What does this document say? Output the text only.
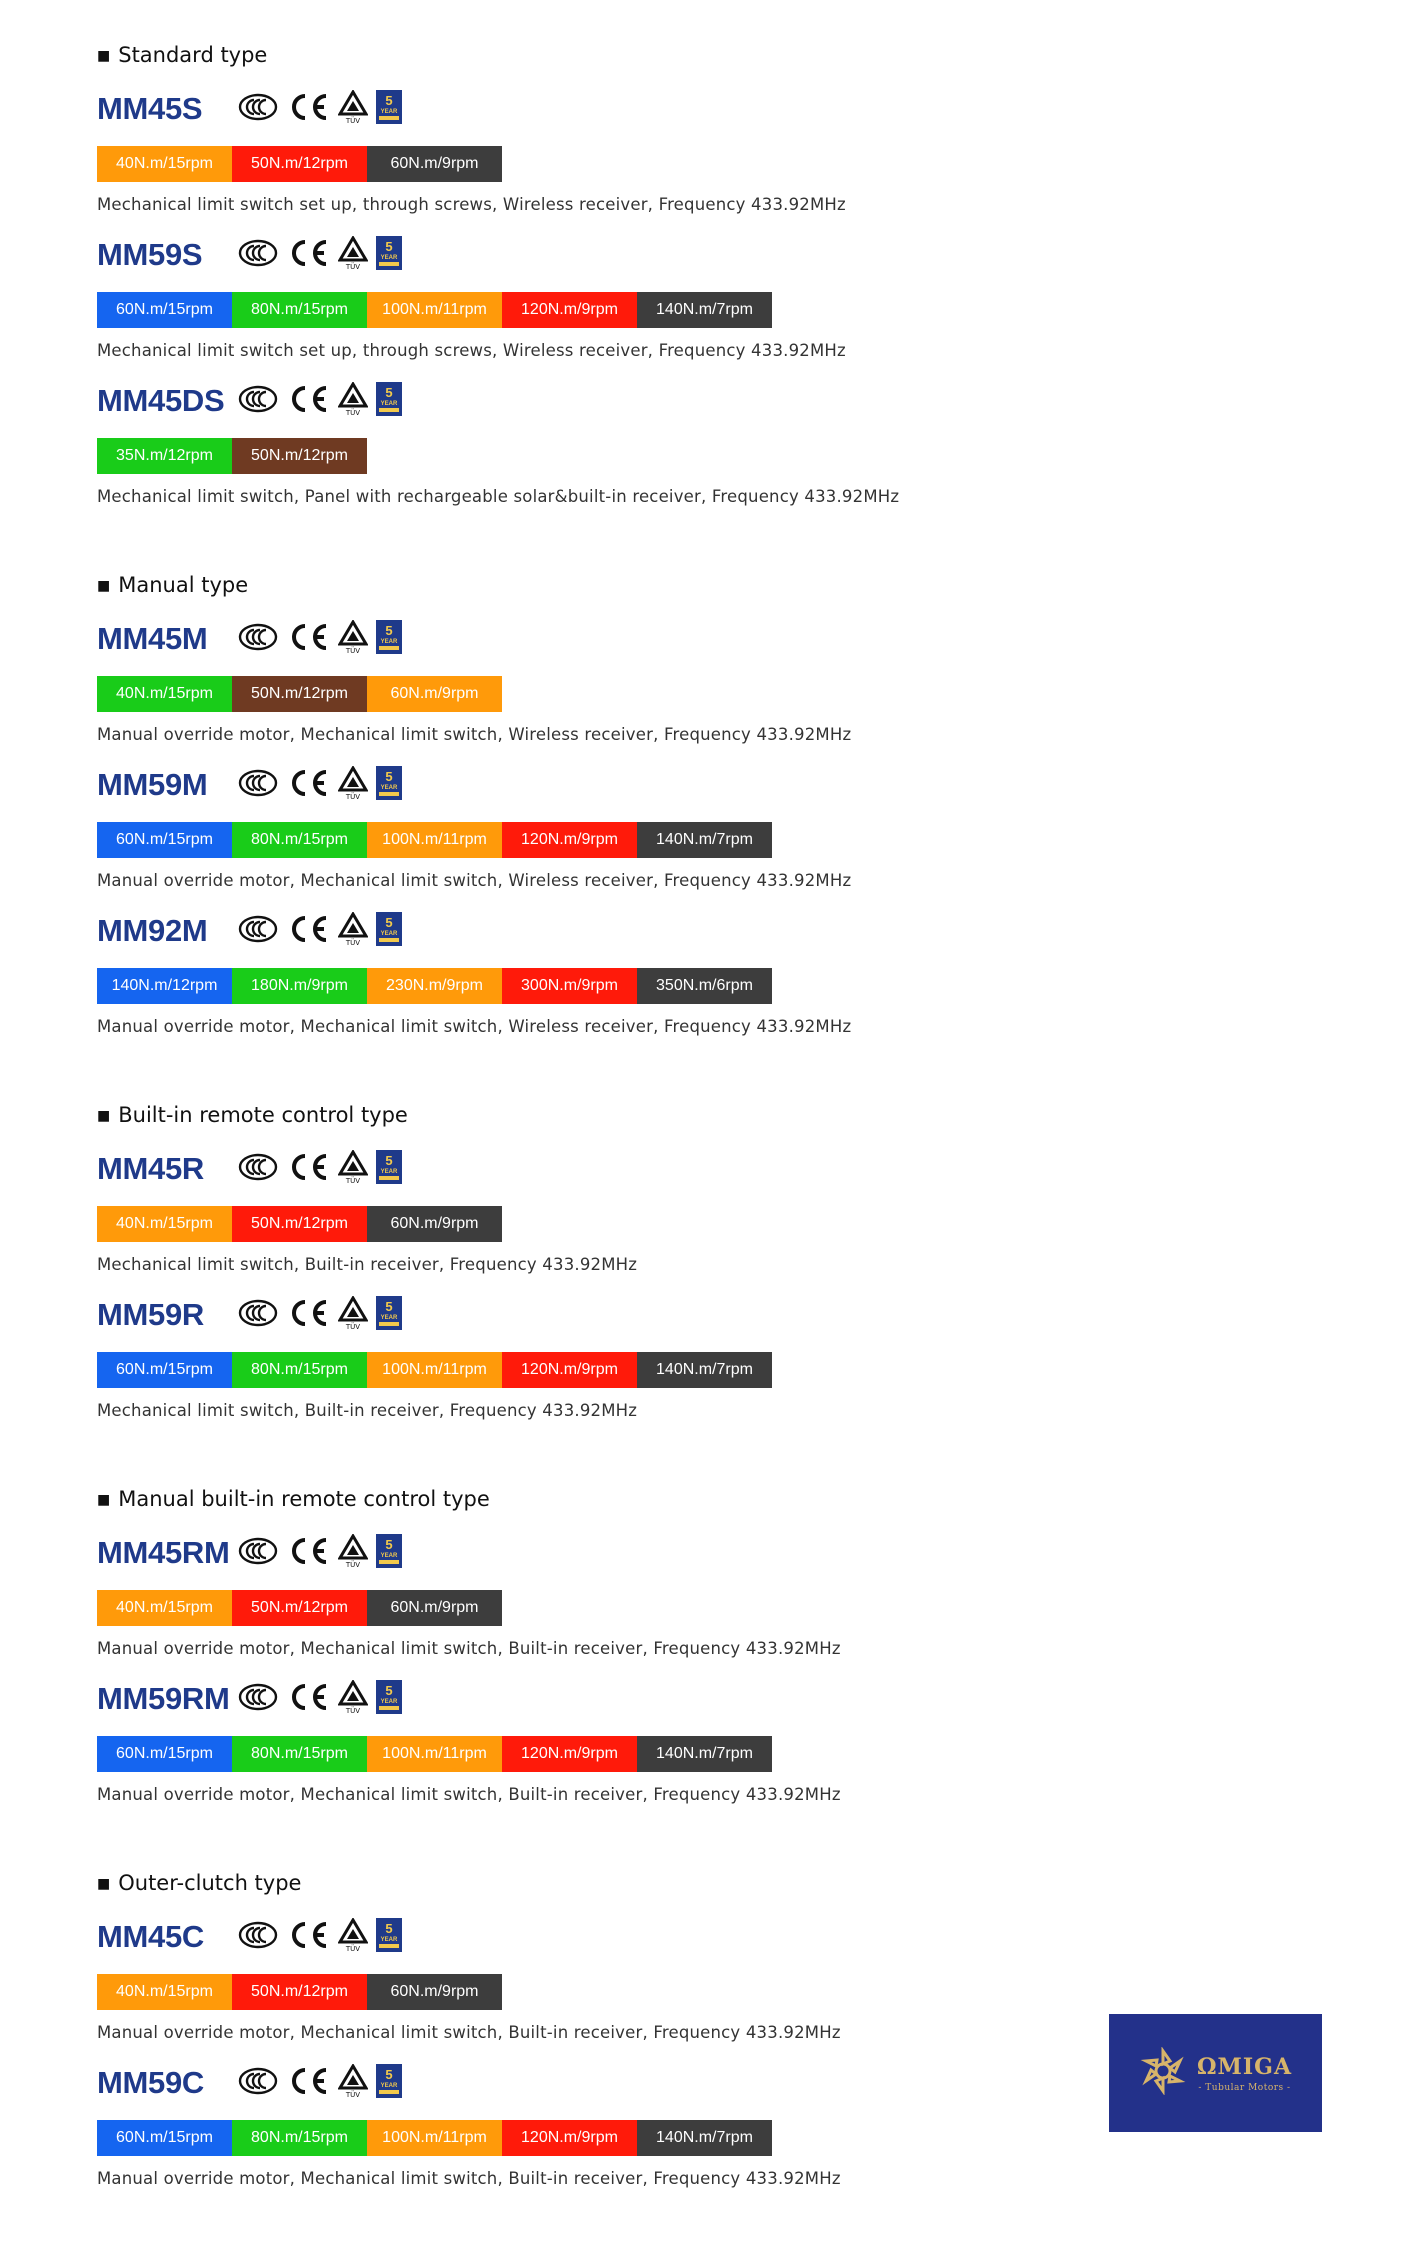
■ Standard type
MM45S	TÜV
5
YEAR
40N.m/15rpm	50N.m/12rpm	60N.m/9rpm
Mechanical limit switch set up, through screws, Wireless receiver, Frequency 433.92MHz
MM59S	TÜV
5
YEAR
60N.m/15rpm	80N.m/15rpm	100N.m/11rpm	120N.m/9rpm	140N.m/7rpm
Mechanical limit switch set up, through screws, Wireless receiver, Frequency 433.92MHz
MM45DS	TÜV
5
YEAR
35N.m/12rpm	50N.m/12rpm
Mechanical limit switch, Panel with rechargeable solar&built-in receiver, Frequency 433.92MHz
■ Manual type
MM45M	TÜV
5
YEAR
40N.m/15rpm	50N.m/12rpm	60N.m/9rpm
Manual override motor, Mechanical limit switch, Wireless receiver, Frequency 433.92MHz
MM59M	TÜV
5
YEAR
60N.m/15rpm	80N.m/15rpm	100N.m/11rpm	120N.m/9rpm	140N.m/7rpm
Manual override motor, Mechanical limit switch, Wireless receiver, Frequency 433.92MHz
MM92M	TÜV
5
YEAR
140N.m/12rpm	180N.m/9rpm	230N.m/9rpm	300N.m/9rpm	350N.m/6rpm
Manual override motor, Mechanical limit switch, Wireless receiver, Frequency 433.92MHz
■ Built-in remote control type
MM45R	TÜV
5
YEAR
40N.m/15rpm	50N.m/12rpm	60N.m/9rpm
Mechanical limit switch, Built-in receiver, Frequency 433.92MHz
MM59R	TÜV
5
YEAR
60N.m/15rpm	80N.m/15rpm	100N.m/11rpm	120N.m/9rpm	140N.m/7rpm
Mechanical limit switch, Built-in receiver, Frequency 433.92MHz
■ Manual built-in remote control type
MM45RM	TÜV
5
YEAR
40N.m/15rpm	50N.m/12rpm	60N.m/9rpm
Manual override motor, Mechanical limit switch, Built-in receiver, Frequency 433.92MHz
MM59RM	TÜV
5
YEAR
60N.m/15rpm	80N.m/15rpm	100N.m/11rpm	120N.m/9rpm	140N.m/7rpm
Manual override motor, Mechanical limit switch, Built-in receiver, Frequency 433.92MHz
■ Outer-clutch type
MM45C	TÜV
5
YEAR
40N.m/15rpm	50N.m/12rpm	60N.m/9rpm
Manual override motor, Mechanical limit switch, Built-in receiver, Frequency 433.92MHz
MM59C	TÜV
5
YEAR
60N.m/15rpm	80N.m/15rpm	100N.m/11rpm	120N.m/9rpm	140N.m/7rpm
Manual override motor, Mechanical limit switch, Built-in receiver, Frequency 433.92MHz
ΩMIGA
- Tubular Motors -
